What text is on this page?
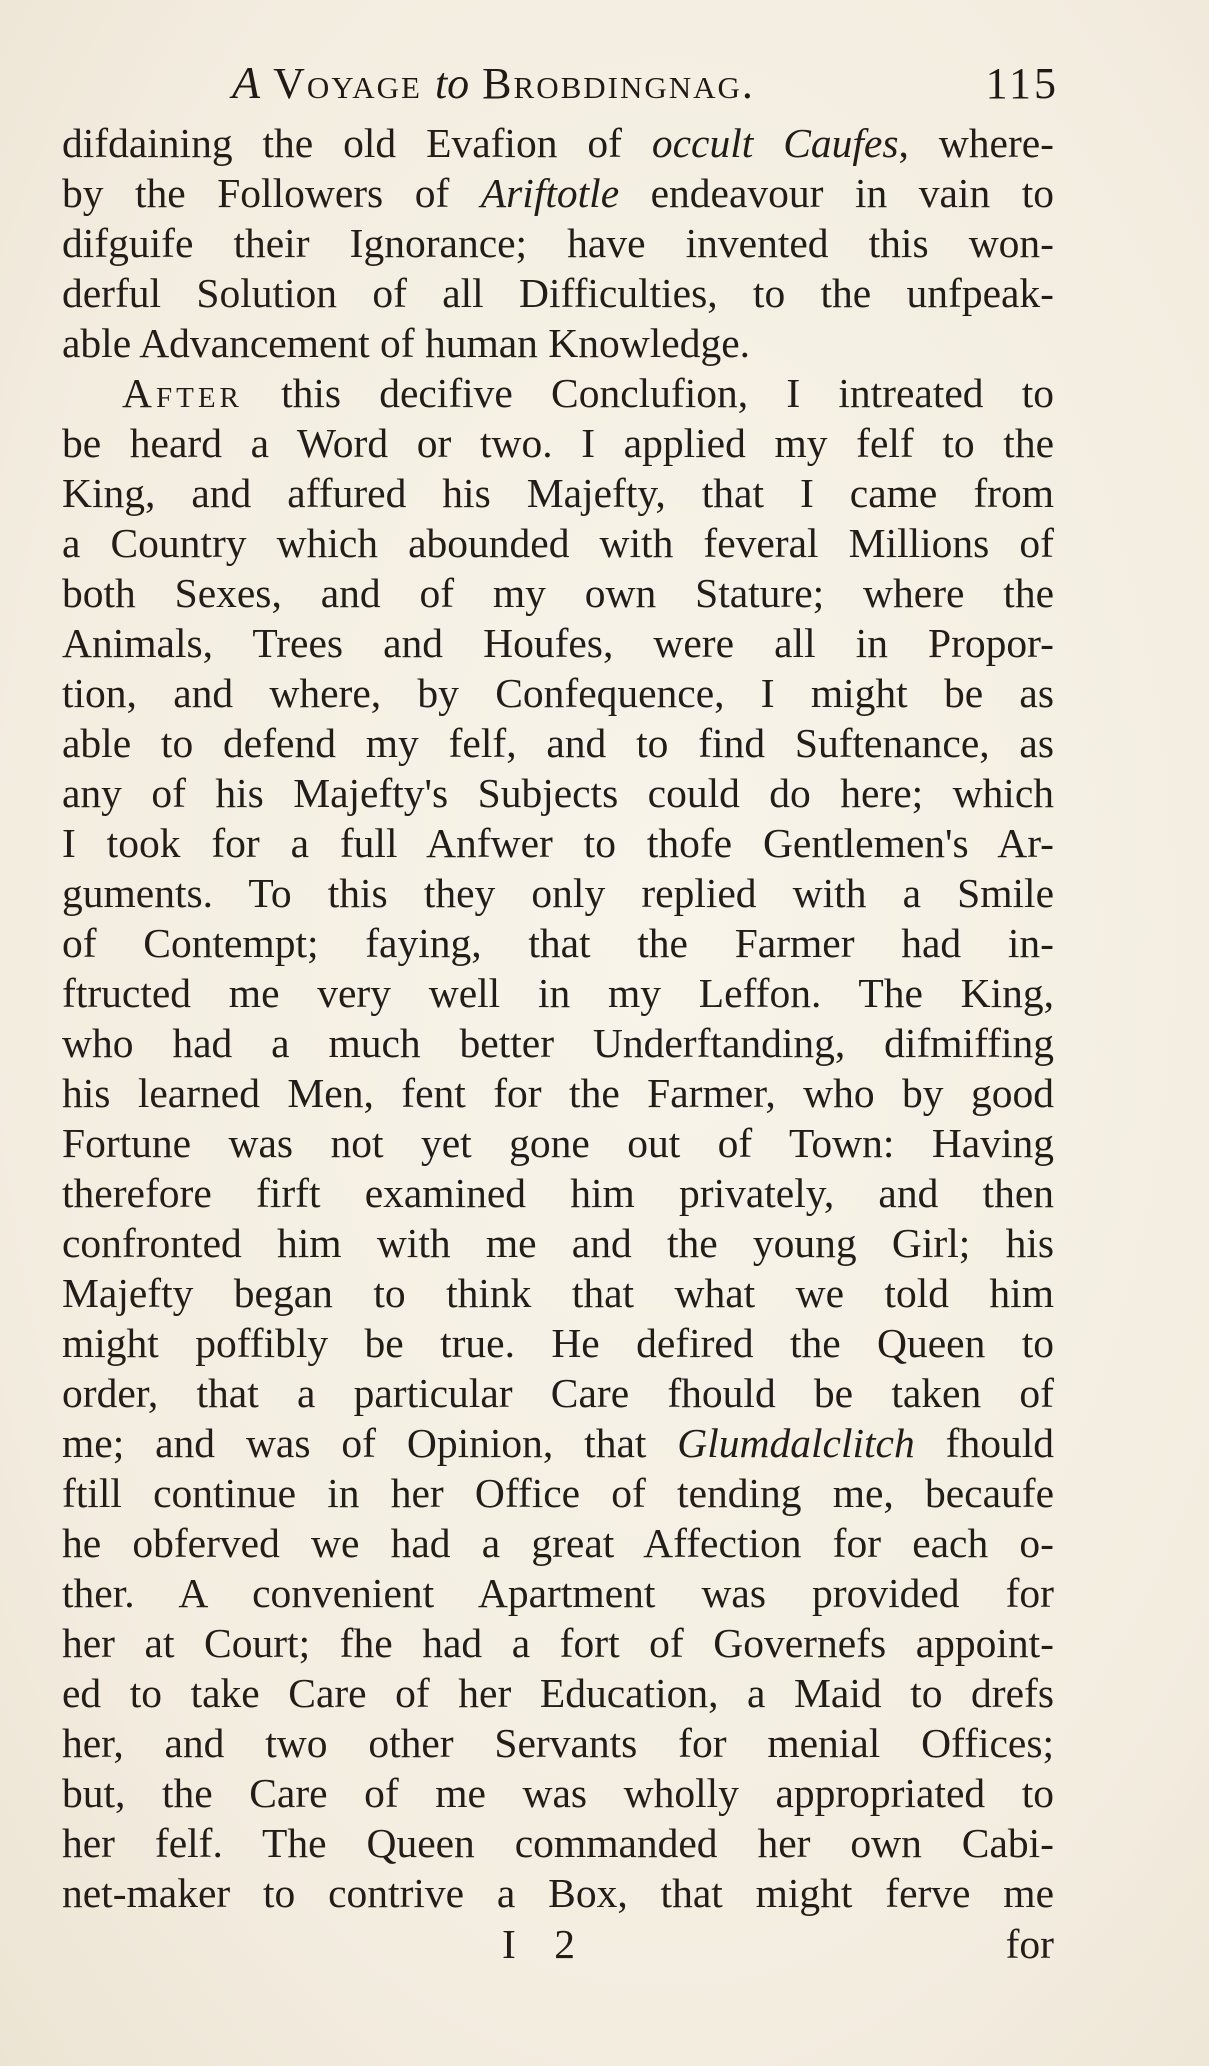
A Voyage to Brobdingnag.	115
difdaining the old Evafion of occult Caufes, where-
by the Followers of Ariftotle endeavour in vain to
difguife their Ignorance; have invented this won-
derful Solution of all Difficulties, to the unfpeak-
able Advancement of human Knowledge.
After this decifive Conclufion, I intreated to
be heard a Word or two. I applied my felf to the
King, and affured his Majefty, that I came from
a Country which abounded with feveral Millions of
both Sexes, and of my own Stature; where the
Animals, Trees and Houfes, were all in Propor-
tion, and where, by Confequence, I might be as
able to defend my felf, and to find Suftenance, as
any of his Majefty's Subjects could do here; which
I took for a full Anfwer to thofe Gentlemen's Ar-
guments. To this they only replied with a Smile
of Contempt; faying, that the Farmer had in-
ftructed me very well in my Leffon. The King,
who had a much better Underftanding, difmiffing
his learned Men, fent for the Farmer, who by good
Fortune was not yet gone out of Town: Having
therefore firft examined him privately, and then
confronted him with me and the young Girl; his
Majefty began to think that what we told him
might poffibly be true. He defired the Queen to
order, that a particular Care fhould be taken of
me; and was of Opinion, that Glumdalclitch fhould
ftill continue in her Office of tending me, becaufe
he obferved we had a great Affection for each o-
ther. A convenient Apartment was provided for
her at Court; fhe had a fort of Governefs appoint-
ed to take Care of her Education, a Maid to drefs
her, and two other Servants for menial Offices;
but, the Care of me was wholly appropriated to
her felf. The Queen commanded her own Cabi-
net-maker to contrive a Box, that might ferve me
I 2	for
